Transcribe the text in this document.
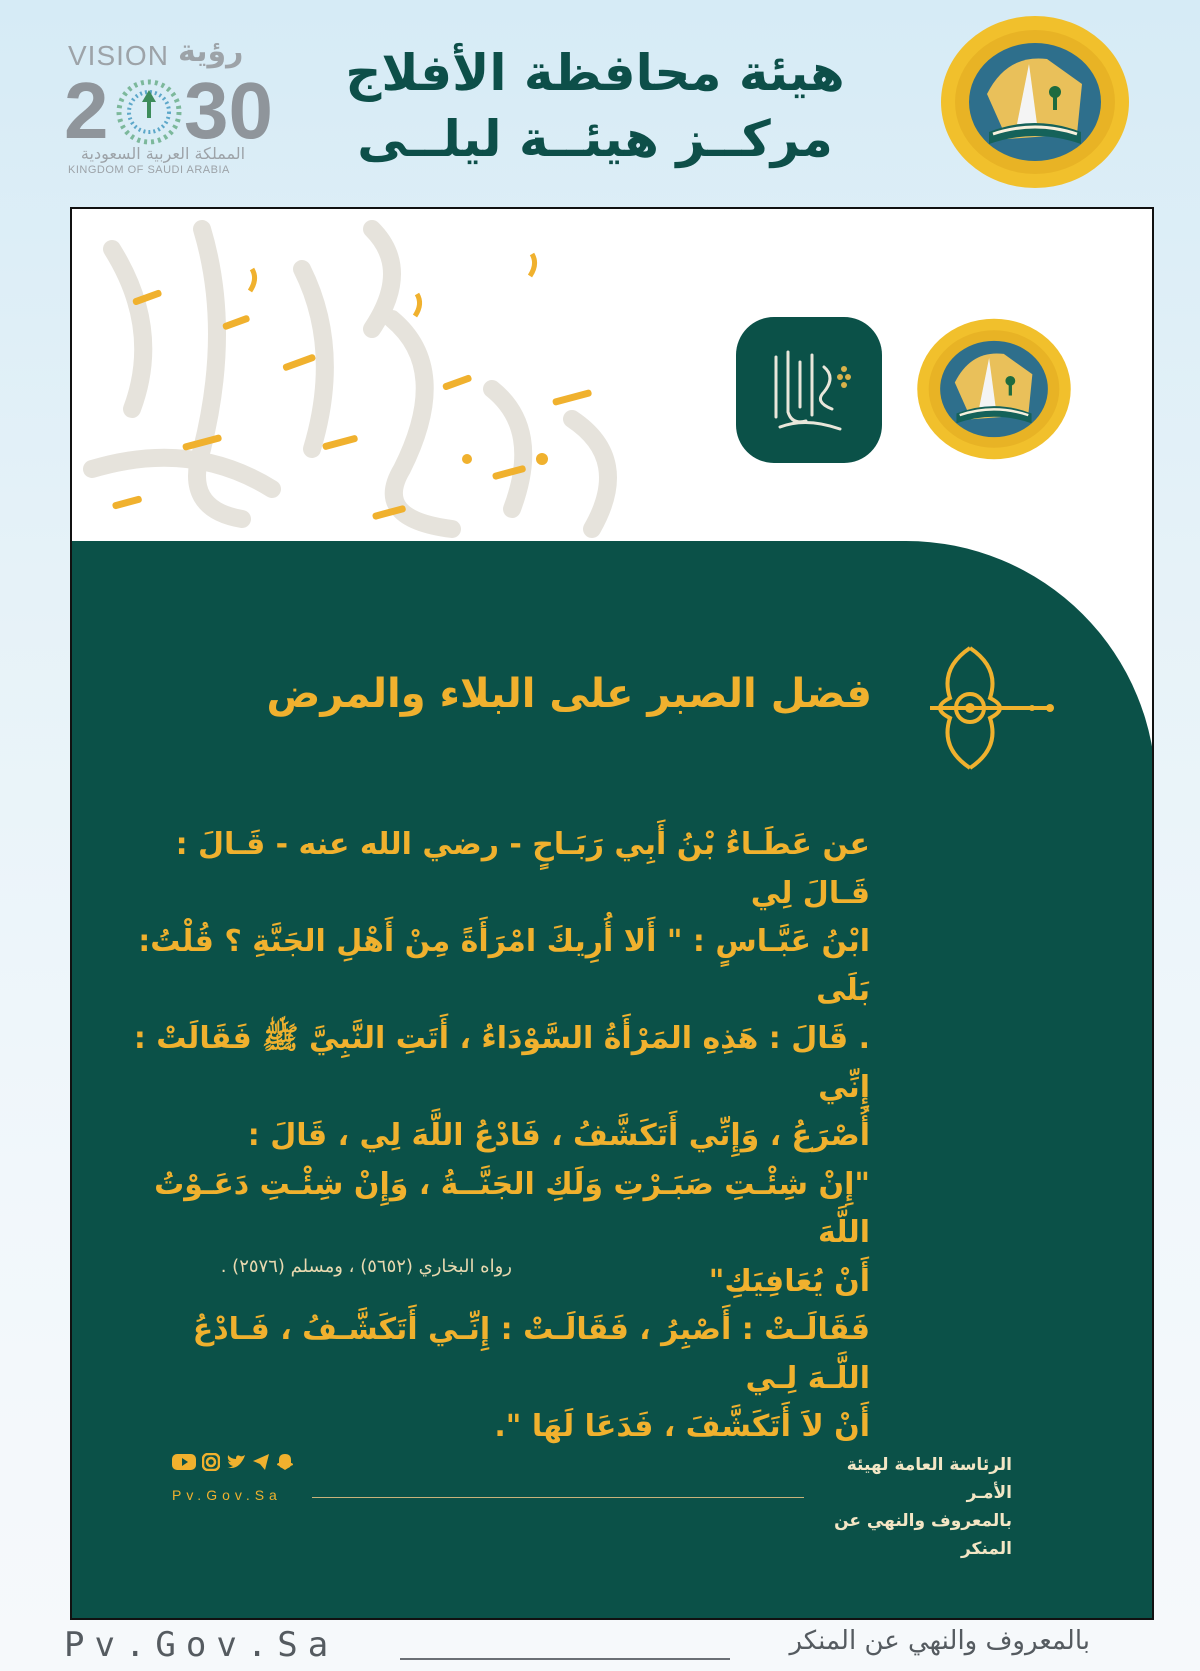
VISION رؤية
2 30
المملكة العربية السعودية
KINGDOM OF SAUDI ARABIA
هيئة محافظة الأفلاج
مركــز هيئــة ليلــى
فضل الصبر على البلاء والمرض
عن عَطَـاءُ بْنُ أَبِي رَبَـاحٍ - رضي الله عنه - قَـالَ : قَـالَ لِي
ابْنُ عَبَّـاسٍ : " أَلا أُرِيكَ امْرَأَةً مِنْ أَهْلِ الجَنَّةِ ؟ قُلْتُ: بَلَى
. قَالَ : هَذِهِ المَرْأَةُ السَّوْدَاءُ ، أَتَتِ النَّبِيَّ ﷺ فَقَالَتْ : إِنِّي
أُصْرَعُ ، وَإِنِّي أَتَكَشَّفُ ، فَادْعُ اللَّهَ لِي ، قَالَ :
"إِنْ شِئْـتِ صَبَـرْتِ وَلَكِ الجَنَّــةُ ، وَإِنْ شِئْـتِ دَعَـوْتُ اللَّهَ
أَنْ يُعَافِيَكِ"
فَقَالَـتْ : أَصْبِرُ ، فَقَالَـتْ : إِنِّـي أَتَكَشَّـفُ ، فَـادْعُ اللَّـهَ لِـي
أَنْ لاَ أَتَكَشَّفَ ، فَدَعَا لَهَا ".
رواه البخاري (٥٦٥٢) ، ومسلم (٢٥٧٦) .
Pv.Gov.Sa
الرئاسة العامة لهيئة الأمـر
بالمعروف والنهي عن المنكر
Pv.Gov.Sa	بالمعروف والنهي عن المنكر
